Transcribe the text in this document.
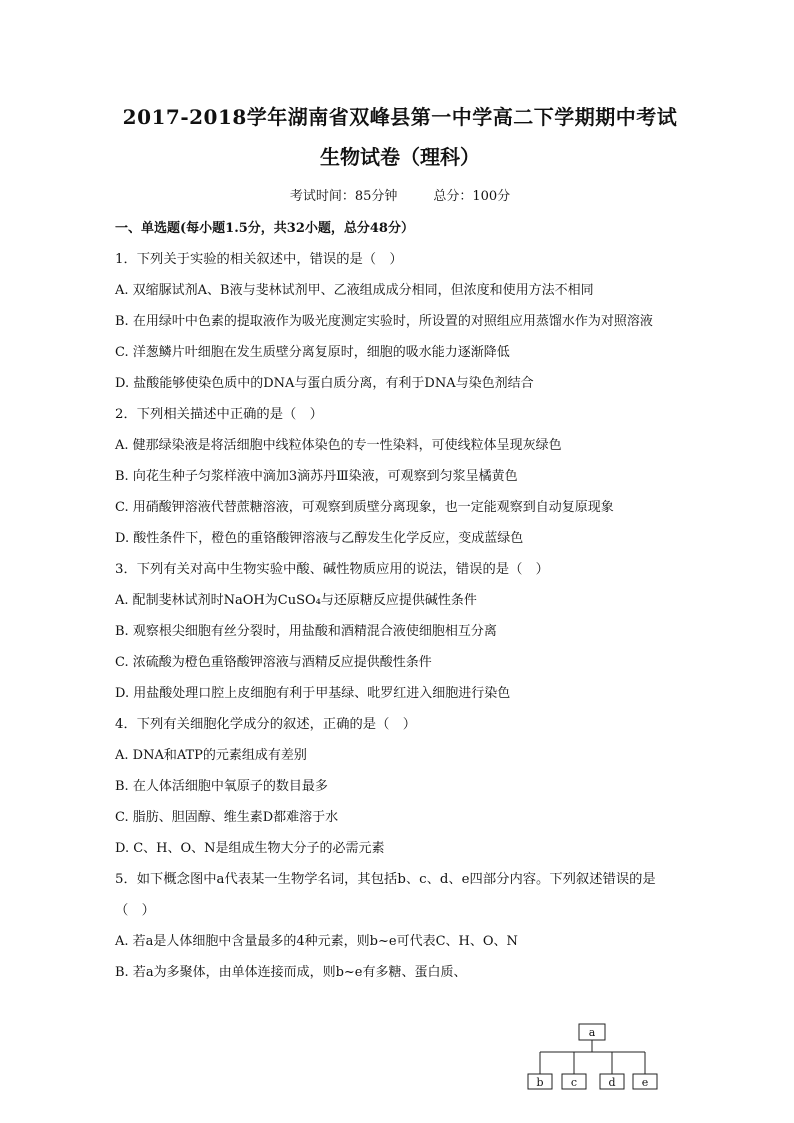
2017-2018学年湖南省双峰县第一中学高二下学期期中考试

生物试卷（理科）

考试时间：85分钟	总分：100分
一、单选题(每小题1.5分，共32小题，总分48分）

1．下列关于实验的相关叙述中，错误的是（　）

A. 双缩脲试剂A、B液与斐林试剂甲、乙液组成成分相同，但浓度和使用方法不相同

B. 在用绿叶中色素的提取液作为吸光度测定实验时，所设置的对照组应用蒸馏水作为对照溶液

C. 洋葱鳞片叶细胞在发生质壁分离复原时，细胞的吸水能力逐渐降低

D. 盐酸能够使染色质中的DNA与蛋白质分离，有利于DNA与染色剂结合

2．下列相关描述中正确的是（　）

A. 健那绿染液是将活细胞中线粒体染色的专一性染料，可使线粒体呈现灰绿色

B. 向花生种子匀浆样液中滴加3滴苏丹Ⅲ染液，可观察到匀浆呈橘黄色

C. 用硝酸钾溶液代替蔗糖溶液，可观察到质壁分离现象，也一定能观察到自动复原现象

D. 酸性条件下，橙色的重铬酸钾溶液与乙醇发生化学反应，变成蓝绿色

3．下列有关对高中生物实验中酸、碱性物质应用的说法，错误的是（　）

A. 配制斐林试剂时NaOH为CuSO₄与还原糖反应提供碱性条件

B. 观察根尖细胞有丝分裂时，用盐酸和酒精混合液使细胞相互分离

C. 浓硫酸为橙色重铬酸钾溶液与酒精反应提供酸性条件

D. 用盐酸处理口腔上皮细胞有利于甲基绿、吡罗红进入细胞进行染色

4．下列有关细胞化学成分的叙述，正确的是（　）

A. DNA和ATP的元素组成有差别

B. 在人体活细胞中氧原子的数目最多

C. 脂肪、胆固醇、维生素D都难溶于水

D. C、H、O、N是组成生物大分子的必需元素

5．如下概念图中a代表某一生物学名词，其包括b、c、d、e四部分内容。下列叙述错误的是（　）

A. 若a是人体细胞中含量最多的4种元素，则b~e可代表C、H、O、N

B. 若a为多聚体，由单体连接而成，则b~e有多糖、蛋白质、

a
b c	d e
